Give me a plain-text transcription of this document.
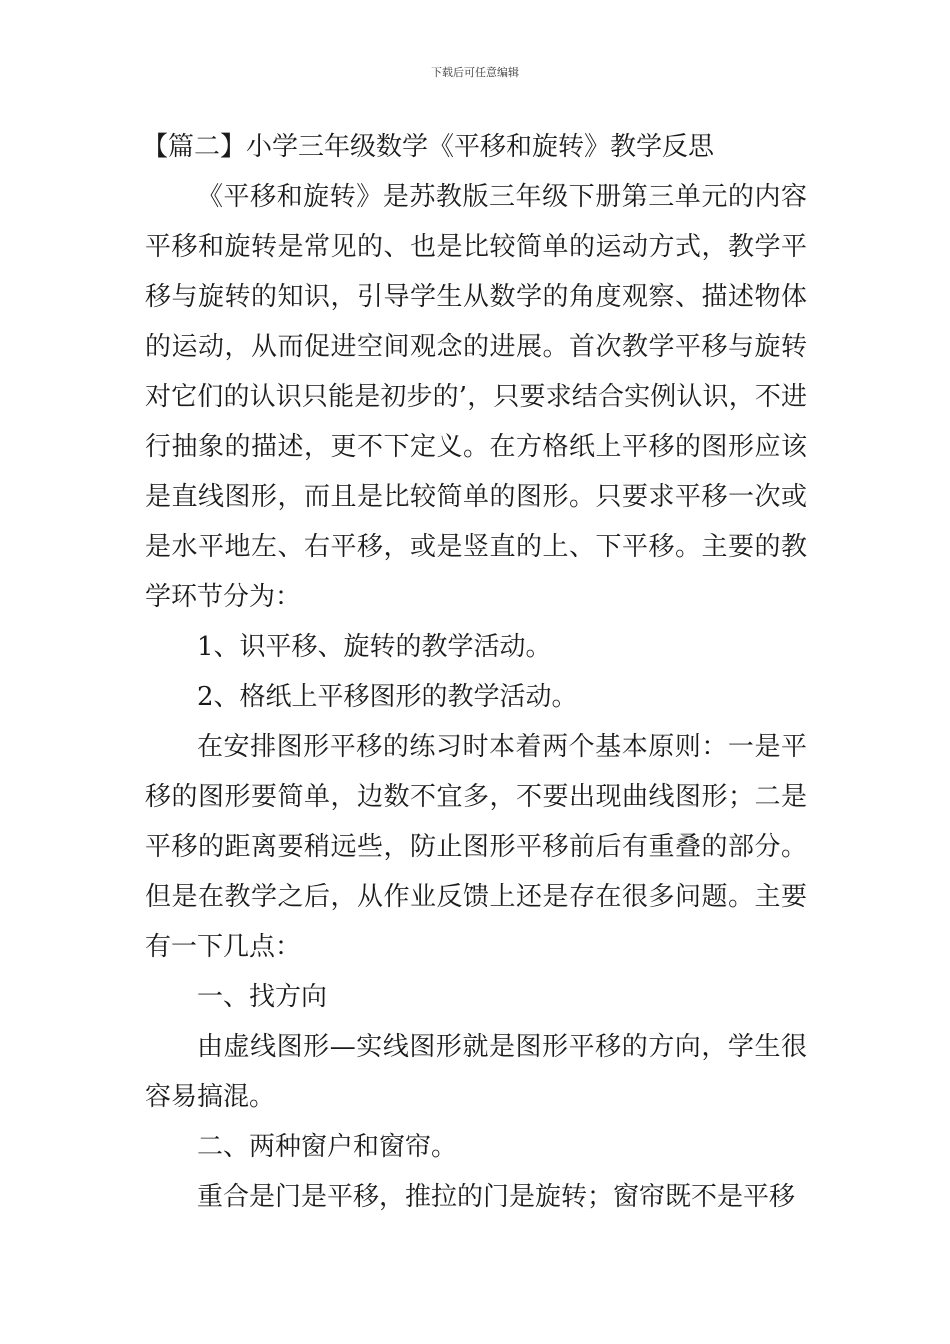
下载后可任意编辑
【篇二】小学三年级数学《平移和旋转》教学反思

《平移和旋转》是苏教版三年级下册第三单元的内容平移和旋转是常见的、也是比较简单的运动方式，教学平移与旋转的知识，引导学生从数学的角度观察、描述物体的运动，从而促进空间观念的进展。首次教学平移与旋转对它们的认识只能是初步的’，只要求结合实例认识，不进行抽象的描述，更不下定义。在方格纸上平移的图形应该是直线图形，而且是比较简单的图形。只要求平移一次或是水平地左、右平移，或是竖直的上、下平移。主要的教学环节分为：

1、识平移、旋转的教学活动。

2、格纸上平移图形的教学活动。

在安排图形平移的练习时本着两个基本原则：一是平移的图形要简单，边数不宜多，不要出现曲线图形；二是平移的距离要稍远些，防止图形平移前后有重叠的部分。但是在教学之后，从作业反馈上还是存在很多问题。主要有一下几点：

一、找方向

由虚线图形—实线图形就是图形平移的方向，学生很容易搞混。

二、两种窗户和窗帘。

重合是门是平移，推拉的门是旋转；窗帘既不是平移
